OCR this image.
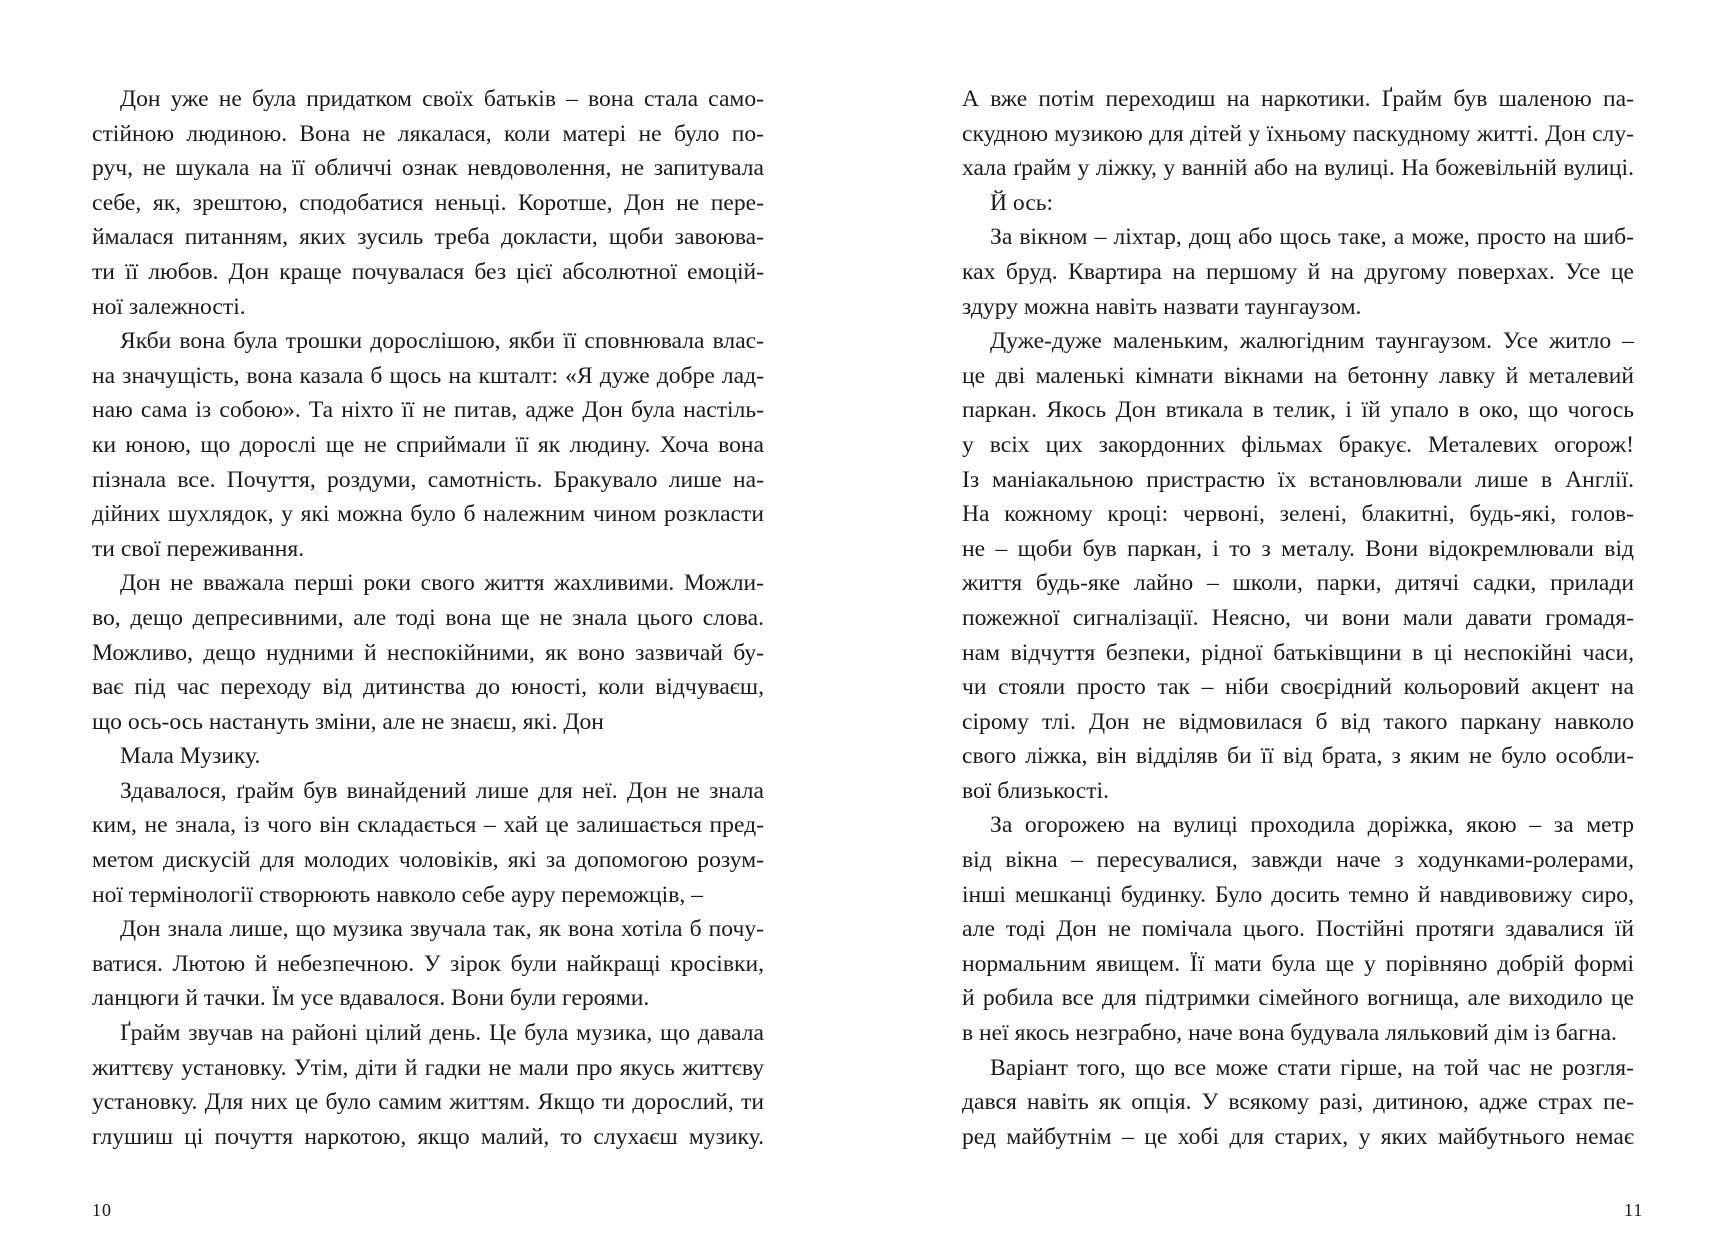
Дон уже не була придатком своїх батьків – вона стала само-
стійною людиною. Вона не лякалася, коли матері не було по-
руч, не шукала на її обличчі ознак невдоволення, не запитувала
себе, як, зрештою, сподобатися неньці. Коротше, Дон не пере-
ймалася питанням, яких зусиль треба докласти, щоби завоюва-
ти її любов. Дон краще почувалася без цієї абсолютної емоцій-
ної залежності.
Якби вона була трошки дорослішою, якби її сповнювала влас-
на значущість, вона казала б щось на кшталт: «Я дуже добре лад-
наю сама із собою». Та ніхто її не питав, адже Дон була настіль-
ки юною, що дорослі ще не сприймали її як людину. Хоча вона
пізнала все. Почуття, роздуми, самотність. Бракувало лише на-
дійних шухлядок, у які можна було б належним чином розкласти
ти свої переживання.
Дон не вважала перші роки свого життя жахливими. Можли-
во, дещо депресивними, але тоді вона ще не знала цього слова.
Можливо, дещо нудними й неспокійними, як воно зазвичай бу-
ває під час переходу від дитинства до юності, коли відчуваєш,
що ось-ось настануть зміни, але не знаєш, які. Дон
Мала Музику.
Здавалося, ґрайм був винайдений лише для неї. Дон не знала
ким, не знала, із чого він складається – хай це залишається пред-
метом дискусій для молодих чоловіків, які за допомогою розум-
ної термінології створюють навколо себе ауру переможців, –
Дон знала лише, що музика звучала так, як вона хотіла б почу-
ватися. Лютою й небезпечною. У зірок були найкращі кросівки,
ланцюги й тачки. Їм усе вдавалося. Вони були героями.
Ґрайм звучав на районі цілий день. Це була музика, що давала
життєву установку. Утім, діти й гадки не мали про якусь життєву
установку. Для них це було самим життям. Якщо ти дорослий, ти
глушиш ці почуття наркотою, якщо малий, то слухаєш музику.
А вже потім переходиш на наркотики. Ґрайм був шаленою па-
скудною музикою для дітей у їхньому паскудному житті. Дон слу-
хала ґрайм у ліжку, у ванній або на вулиці. На божевільній вулиці.
Й ось:
За вікном – ліхтар, дощ або щось таке, а може, просто на шиб-
ках бруд. Квартира на першому й на другому поверхах. Усе це
здуру можна навіть назвати таунгаузом.
Дуже-дуже маленьким, жалюгідним таунгаузом. Усе житло –
це дві маленькі кімнати вікнами на бетонну лавку й металевий
паркан. Якось Дон втикала в телик, і їй упало в око, що чогось
у всіх цих закордонних фільмах бракує. Металевих огорож!
Із маніакальною пристрастю їх встановлювали лише в Англії.
На кожному кроці: червоні, зелені, блакитні, будь-які, голов-
не – щоби був паркан, і то з металу. Вони відокремлювали від
життя будь-яке лайно – школи, парки, дитячі садки, прилади
пожежної сигналізації. Неясно, чи вони мали давати громадя-
нам відчуття безпеки, рідної батьківщини в ці неспокійні часи,
чи стояли просто так – ніби своєрідний кольоровий акцент на
сірому тлі. Дон не відмовилася б від такого паркану навколо
свого ліжка, він відділяв би її від брата, з яким не було особли-
вої близькості.
За огорожею на вулиці проходила доріжка, якою – за метр
від вікна – пересувалися, завжди наче з ходунками-ролерами,
інші мешканці будинку. Було досить темно й навдивовижу сиро,
але тоді Дон не помічала цього. Постійні протяги здавалися їй
нормальним явищем. Її мати була ще у порівняно добрій формі
й робила все для підтримки сімейного вогнища, але виходило це
в неї якось незграбно, наче вона будувала ляльковий дім із багна.
Варіант того, що все може стати гірше, на той час не розгля-
дався навіть як опція. У всякому разі, дитиною, адже страх пе-
ред майбутнім – це хобі для старих, у яких майбутнього немає
10	11
